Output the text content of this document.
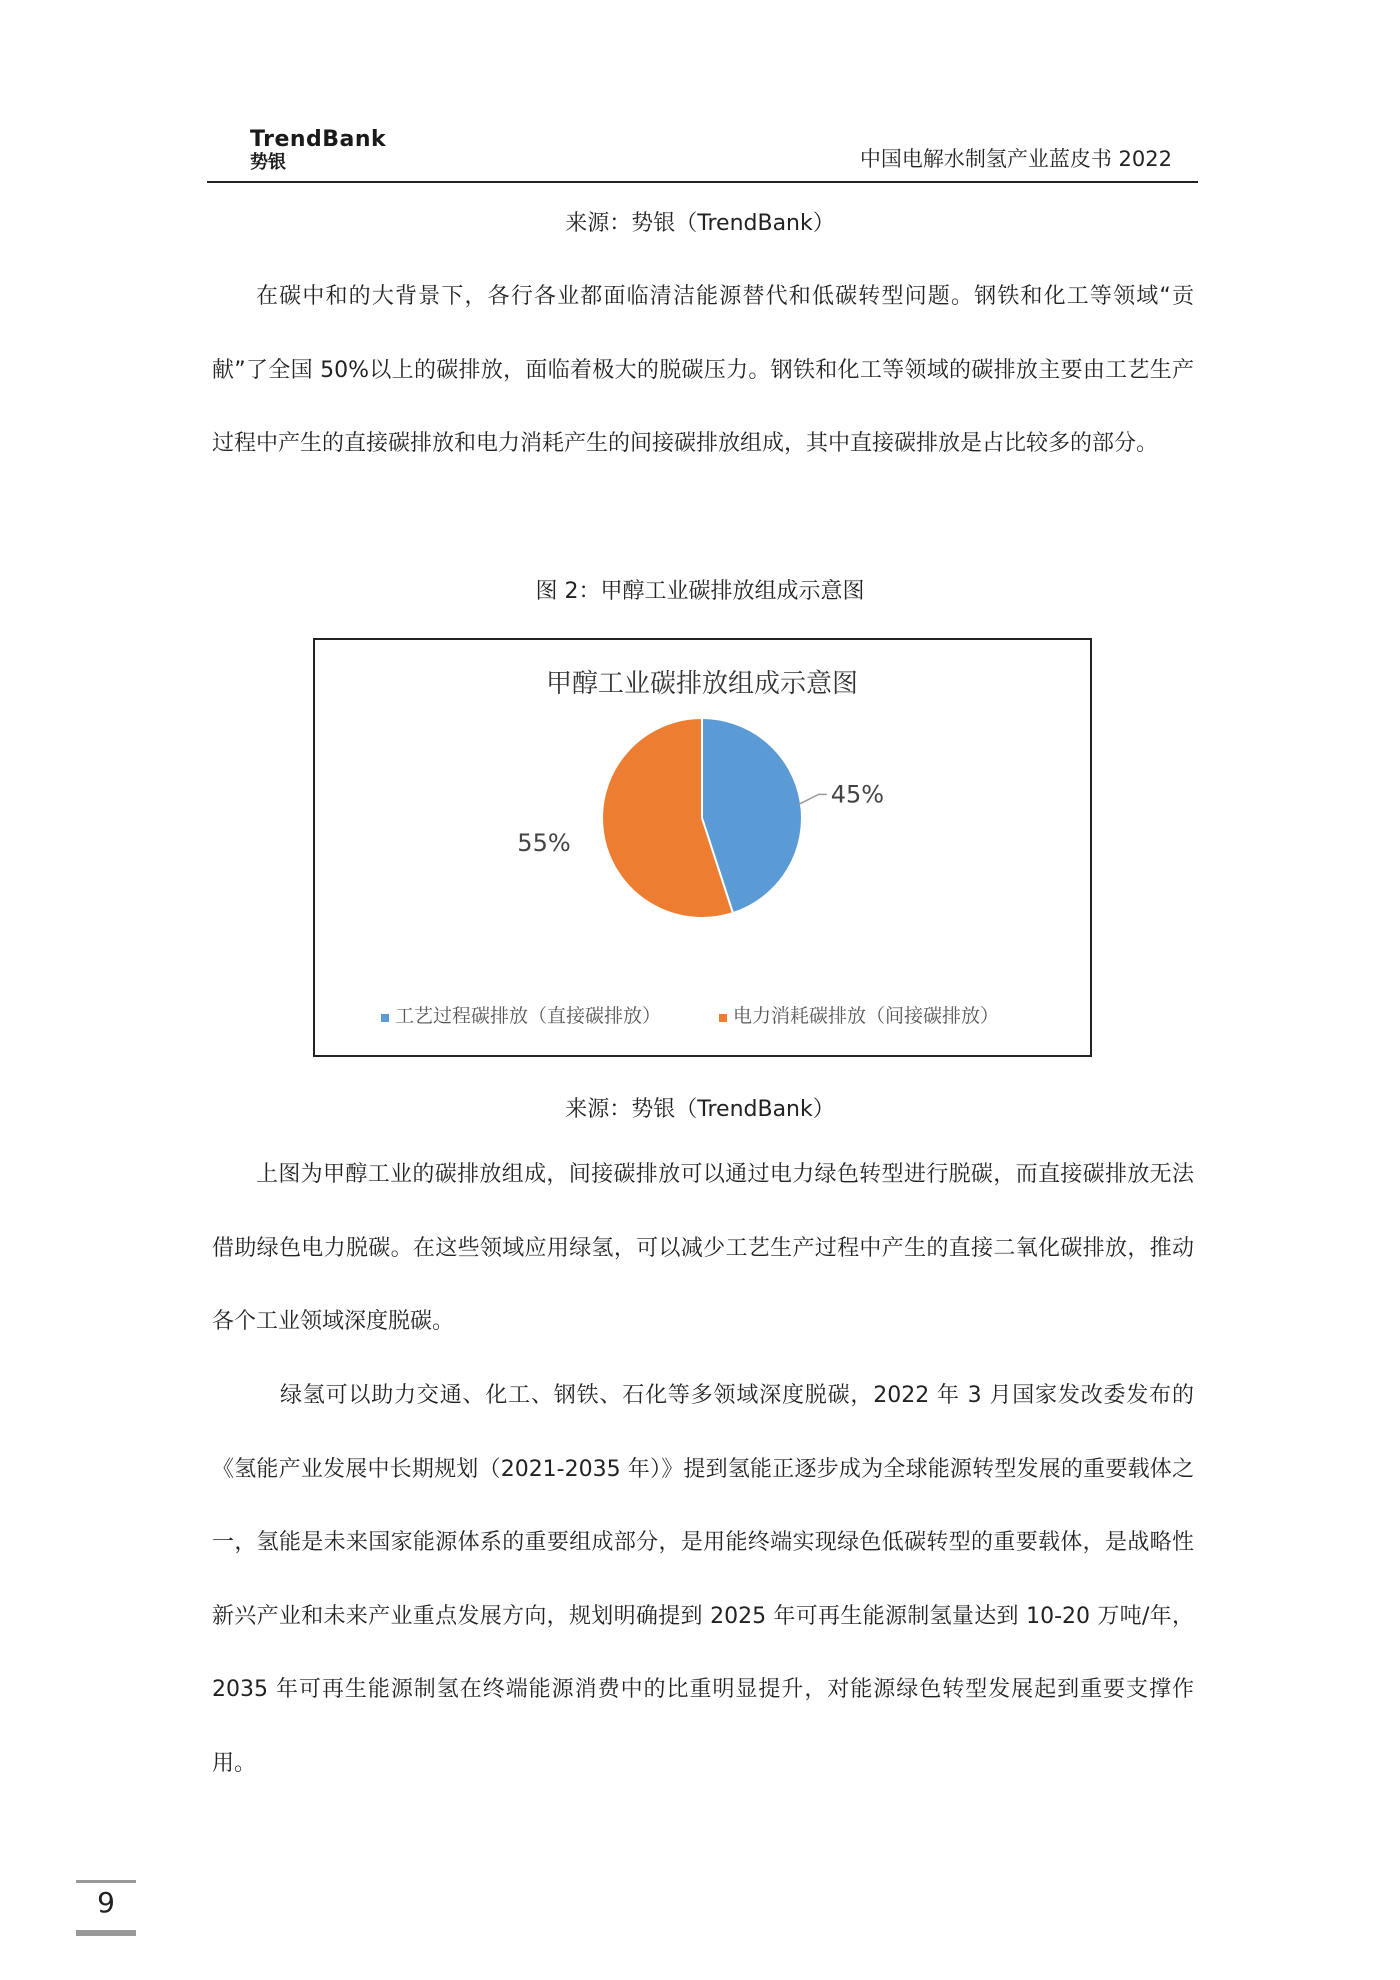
TrendBank
势银	中国电解水制氢产业蓝皮书 2022
来源：势银（TrendBank）

在碳中和的大背景下，各行各业都面临清洁能源替代和低碳转型问题。钢铁和化工等领域“贡献”了全国 50%以上的碳排放，面临着极大的脱碳压力。钢铁和化工等领域的碳排放主要由工艺生产过程中产生的直接碳排放和电力消耗产生的间接碳排放组成，其中直接碳排放是占比较多的部分。

图 2：甲醇工业碳排放组成示意图
甲醇工业碳排放组成示意图
45%
55%
工艺过程碳排放（直接碳排放）	电力消耗碳排放（间接碳排放）
来源：势银（TrendBank）

上图为甲醇工业的碳排放组成，间接碳排放可以通过电力绿色转型进行脱碳，而直接碳排放无法借助绿色电力脱碳。在这些领域应用绿氢，可以减少工艺生产过程中产生的直接二氧化碳排放，推动各个工业领域深度脱碳。

绿氢可以助力交通、化工、钢铁、石化等多领域深度脱碳，2022 年 3 月国家发改委发布的《氢能产业发展中长期规划（2021-2035 年）》提到氢能正逐步成为全球能源转型发展的重要载体之一，氢能是未来国家能源体系的重要组成部分，是用能终端实现绿色低碳转型的重要载体，是战略性新兴产业和未来产业重点发展方向，规划明确提到 2025 年可再生能源制氢量达到 10-20 万吨/年，2035 年可再生能源制氢在终端能源消费中的比重明显提升，对能源绿色转型发展起到重要支撑作用。

9
